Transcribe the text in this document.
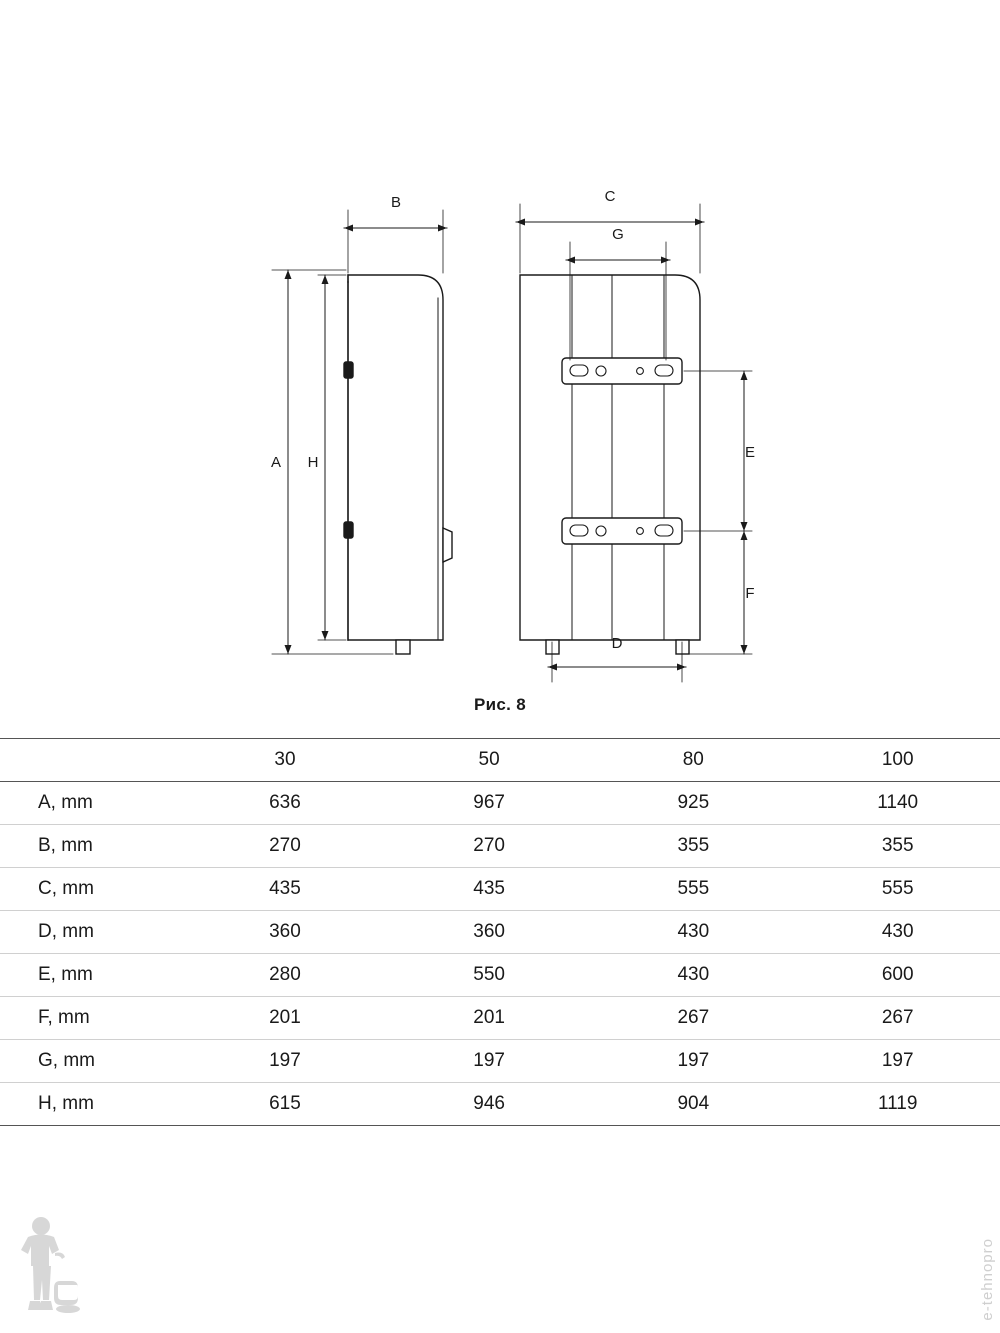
B
A H
C
G
E
F
D
Рис. 8
	30	50	80	100
A, mm	636	967	925	1140
B, mm	270	270	355	355
C, mm	435	435	555	555
D, mm	360	360	430	430
E, mm	280	550	430	600
F, mm	201	201	267	267
G, mm	197	197	197	197
H, mm	615	946	904	1119
e-tehnopro
